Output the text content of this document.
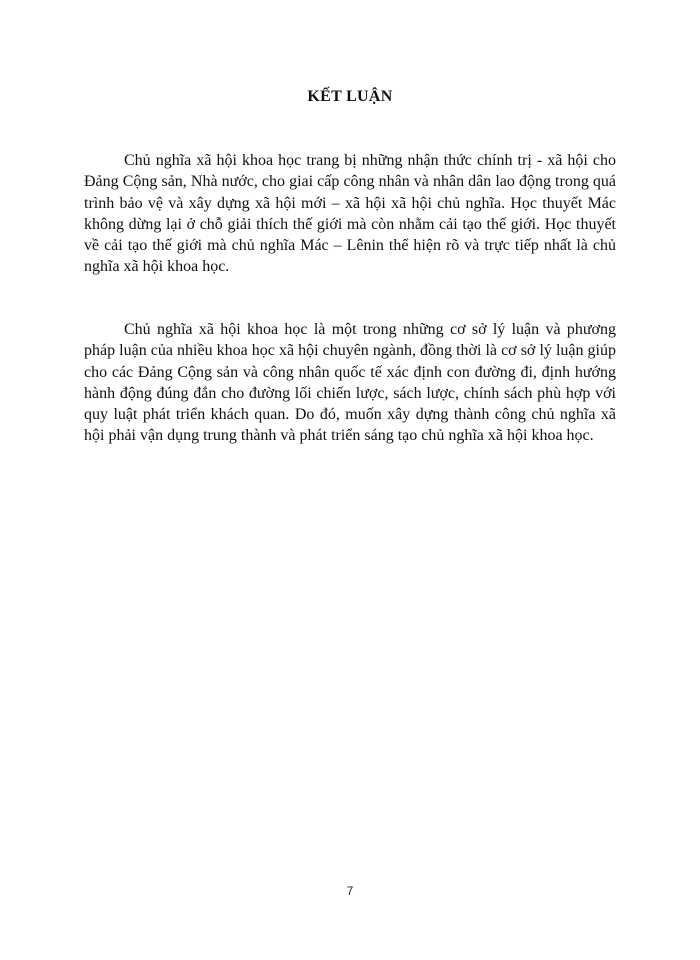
KẾT LUẬN

Chủ nghĩa xã hội khoa học trang bị những nhận thức chính trị - xã hội cho Đảng Cộng sản, Nhà nước, cho giai cấp công nhân và nhân dân lao động trong quá trình bảo vệ và xây dựng xã hội mới – xã hội xã hội chủ nghĩa. Học thuyết Mác không dừng lại ở chỗ giải thích thế giới mà còn nhằm cải tạo thế giới. Học thuyết về cải tạo thế giới mà chủ nghĩa Mác – Lênin thể hiện rõ và trực tiếp nhất là chủ nghĩa xã hội khoa học.

Chủ nghĩa xã hội khoa học là một trong những cơ sở lý luận và phương pháp luận của nhiều khoa học xã hội chuyên ngành, đồng thời là cơ sở lý luận giúp cho các Đảng Cộng sản và công nhân quốc tế xác định con đường đi, định hướng hành động đúng đắn cho đường lối chiến lược, sách lược, chính sách phù hợp với quy luật phát triển khách quan. Do đó, muốn xây dựng thành công chủ nghĩa xã hội phải vận dụng trung thành và phát triển sáng tạo chủ nghĩa xã hội khoa học.

7
